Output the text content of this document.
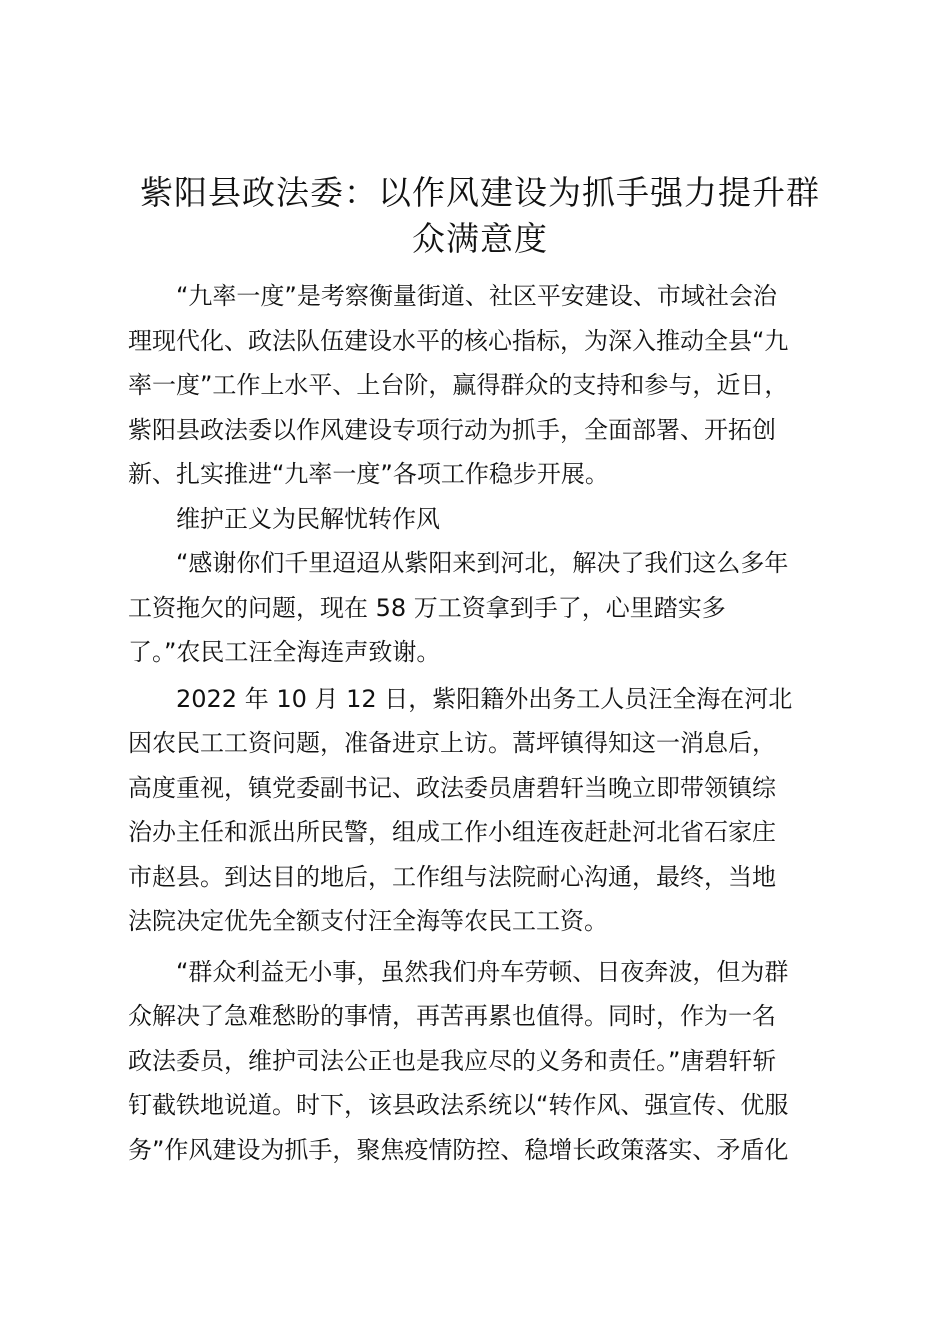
紫阳县政法委：以作风建设为抓手强力提升群
众满意度
“九率一度”是考察衡量街道、社区平安建设、市域社会治
理现代化、政法队伍建设水平的核心指标，为深入推动全县“九
率一度”工作上水平、上台阶，赢得群众的支持和参与，近日，
紫阳县政法委以作风建设专项行动为抓手，全面部署、开拓创
新、扎实推进“九率一度”各项工作稳步开展。
维护正义为民解忧转作风
“感谢你们千里迢迢从紫阳来到河北，解决了我们这么多年
工资拖欠的问题，现在 58 万工资拿到手了，心里踏实多
了。”农民工汪全海连声致谢。
2022 年 10 月 12 日，紫阳籍外出务工人员汪全海在河北
因农民工工资问题，准备进京上访。蒿坪镇得知这一消息后，
高度重视，镇党委副书记、政法委员唐碧轩当晚立即带领镇综
治办主任和派出所民警，组成工作小组连夜赶赴河北省石家庄
市赵县。到达目的地后，工作组与法院耐心沟通，最终，当地
法院决定优先全额支付汪全海等农民工工资。
“群众利益无小事，虽然我们舟车劳顿、日夜奔波，但为群
众解决了急难愁盼的事情，再苦再累也值得。同时，作为一名
政法委员，维护司法公正也是我应尽的义务和责任。”唐碧轩斩
钉截铁地说道。时下，该县政法系统以“转作风、强宣传、优服
务”作风建设为抓手，聚焦疫情防控、稳增长政策落实、矛盾化
